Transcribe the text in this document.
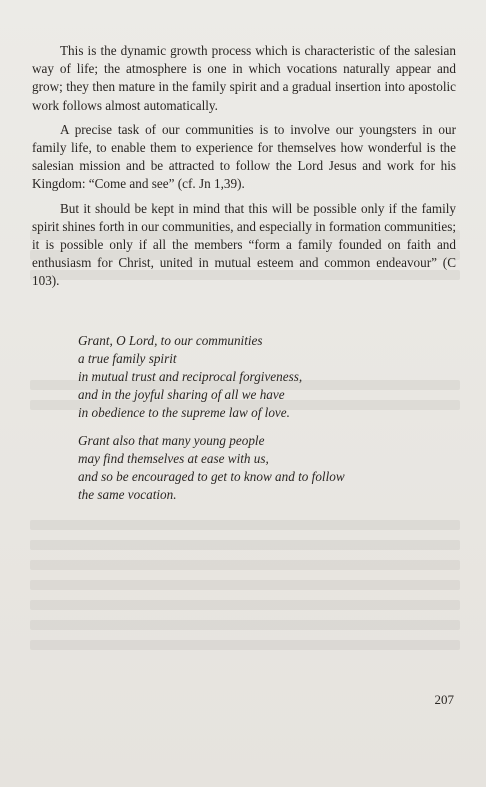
This is the dynamic growth process which is characteristic of the salesian way of life; the atmosphere is one in which vocations naturally appear and grow; they then mature in the family spirit and a gradual insertion into apostolic work follows almost automatically.

A precise task of our communities is to involve our youngsters in our family life, to enable them to experience for themselves how wonderful is the salesian mission and be attracted to follow the Lord Jesus and work for his Kingdom: “Come and see” (cf. Jn 1,39).

But it should be kept in mind that this will be possible only if the family spirit shines forth in our communities, and especially in formation communities; it is possible only if all the members “form a family founded on faith and enthusiasm for Christ, united in mutual esteem and common endeavour” (C 103).

Grant, O Lord, to our communities
a true family spirit
in mutual trust and reciprocal forgiveness,
and in the joyful sharing of all we have
in obedience to the supreme law of love.
Grant also that many young people
may find themselves at ease with us,
and so be encouraged to get to know and to follow
the same vocation.
207
